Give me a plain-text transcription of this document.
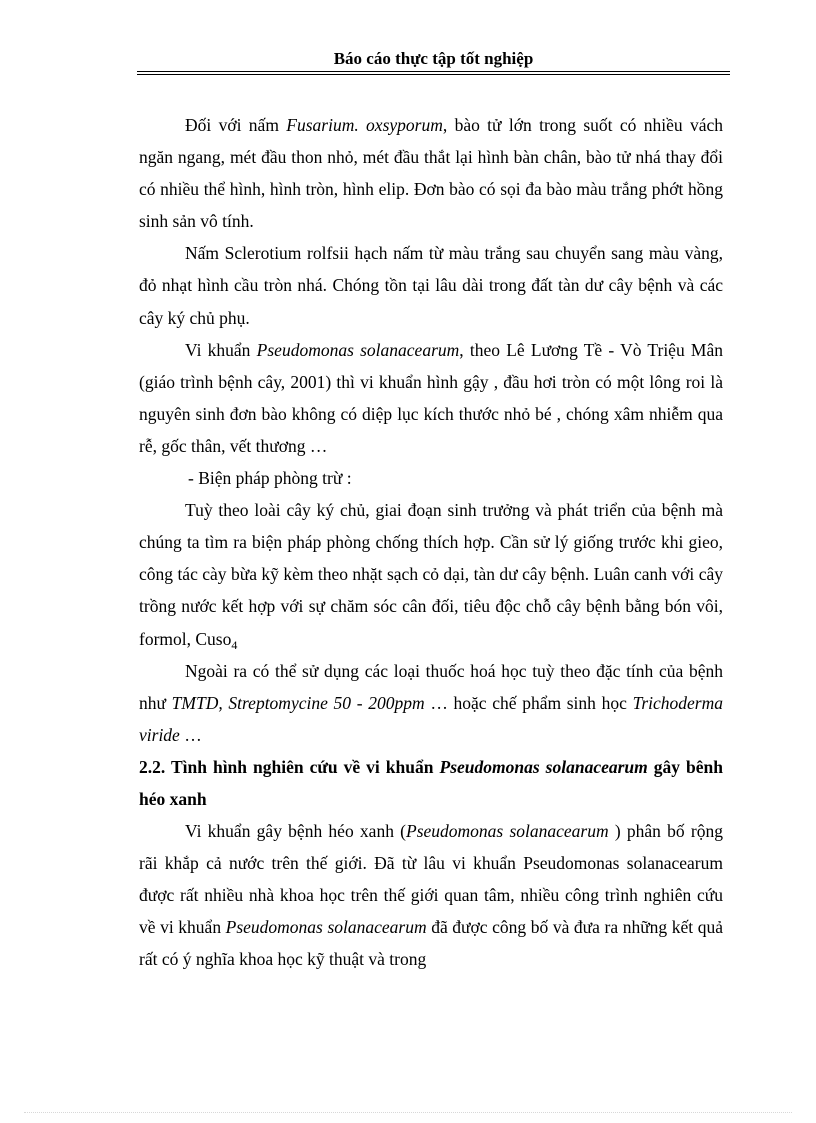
Báo cáo thực tập tốt nghiệp

Đối với nấm Fusarium. oxsyporum, bào tử lớn trong suốt có nhiều vách ngăn ngang, mét đầu thon nhỏ, mét đầu thắt lại hình bàn chân, bào tử nhá thay đổi có nhiều thể hình, hình tròn, hình elip. Đơn bào có sọi đa bào màu trắng phớt hồng sinh sản vô tính.

Nấm Sclerotium rolfsii hạch nấm từ màu trắng sau chuyển sang màu vàng, đỏ nhạt hình cầu tròn nhá. Chóng tồn tại lâu dài trong đất tàn dư cây bệnh và các cây ký chủ phụ.

Vi khuẩn Pseudomonas solanacearum, theo Lê Lương Tề - Vò Triệu Mân (giáo trình bệnh cây, 2001) thì vi khuẩn hình gậy , đầu hơi tròn có một lông roi là nguyên sinh đơn bào không có diệp lục kích thước nhỏ bé , chóng xâm nhiễm qua rễ, gốc thân, vết thương …

- Biện pháp phòng trừ :

Tuỳ theo loài cây ký chủ, giai đoạn sinh trưởng và phát triển của bệnh mà chúng ta tìm ra biện pháp phòng chống thích hợp. Cần sử lý giống trước khi gieo, công tác cày bừa kỹ kèm theo nhặt sạch cỏ dại, tàn dư cây bệnh. Luân canh với cây trồng nước kết hợp với sự chăm sóc cân đối, tiêu độc chỗ cây bệnh bằng bón vôi, formol, Cuso$_4$

Ngoài ra có thể sử dụng các loại thuốc hoá học tuỳ theo đặc tính của bệnh như TMTD, Streptomycine 50 - 200ppm … hoặc chế phẩm sinh học Trichoderma viride …

2.2. Tình hình nghiên cứu về vi khuẩn Pseudomonas solanacearum gây bênh héo xanh

Vi khuẩn gây bệnh héo xanh (Pseudomonas solanacearum ) phân bố rộng rãi khắp cả nước trên thế giới. Đã từ lâu vi khuẩn Pseudomonas solanacearum được rất nhiều nhà khoa học trên thế giới quan tâm, nhiều công trình nghiên cứu về vi khuẩn Pseudomonas solanacearum đã được công bố và đưa ra những kết quả rất có ý nghĩa khoa học kỹ thuật và trong
